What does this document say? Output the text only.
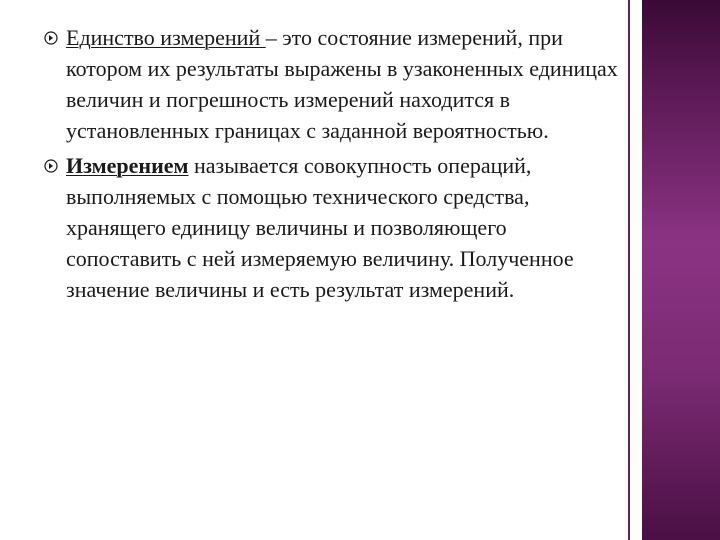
Единство измерений – это состояние измерений, при котором их результаты выражены в узаконенных единицах величин и погрешность измерений находится в установленных границах с заданной вероятностью.

Измерением называется совокупность операций, выполняемых с помощью технического средства, хранящего единицу величины и позволяющего сопоставить с ней измеряемую величину. Полученное значение величины и есть результат измерений.
